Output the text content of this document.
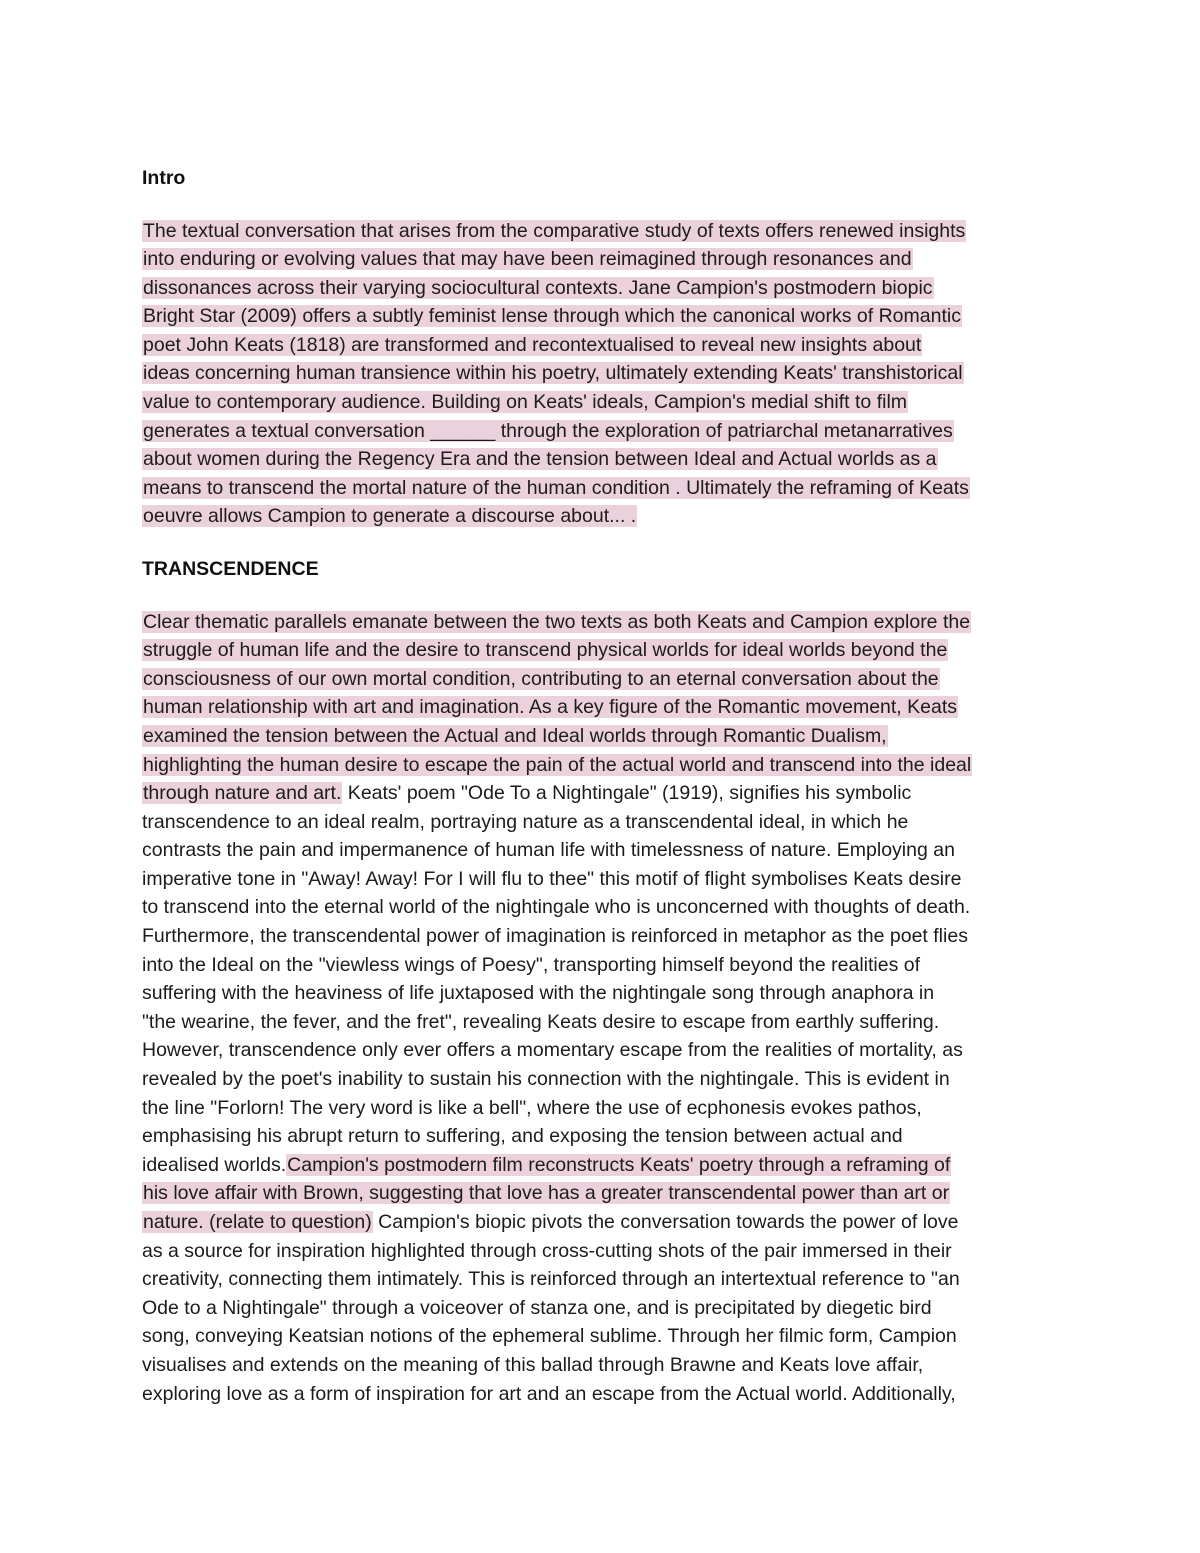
Intro
The textual conversation that arises from the comparative study of texts offers renewed insights
into enduring or evolving values that may have been reimagined through resonances and
dissonances across their varying sociocultural contexts. Jane Campion's postmodern biopic
Bright Star (2009) offers a subtly feminist lense through which the canonical works of Romantic
poet John Keats (1818) are transformed and recontextualised to reveal new insights about
ideas concerning human transience within his poetry, ultimately extending Keats' transhistorical
value to contemporary audience. Building on Keats' ideals, Campion's medial shift to film
generates a textual conversation ______ through the exploration of patriarchal metanarratives
about women during the Regency Era and the tension between Ideal and Actual worlds as a
means to transcend the mortal nature of the human condition . Ultimately the reframing of Keats
oeuvre allows Campion to generate a discourse about... .
TRANSCENDENCE
Clear thematic parallels emanate between the two texts as both Keats and Campion explore the
struggle of human life and the desire to transcend physical worlds for ideal worlds beyond the
consciousness of our own mortal condition, contributing to an eternal conversation about the
human relationship with art and imagination. As a key figure of the Romantic movement, Keats
examined the tension between the Actual and Ideal worlds through Romantic Dualism,
highlighting the human desire to escape the pain of the actual world and transcend into the ideal
through nature and art. Keats' poem "Ode To a Nightingale" (1919), signifies his symbolic
transcendence to an ideal realm, portraying nature as a transcendental ideal, in which he
contrasts the pain and impermanence of human life with timelessness of nature. Employing an
imperative tone in "Away! Away! For I will flu to thee" this motif of flight symbolises Keats desire
to transcend into the eternal world of the nightingale who is unconcerned with thoughts of death.
Furthermore, the transcendental power of imagination is reinforced in metaphor as the poet flies
into the Ideal on the "viewless wings of Poesy", transporting himself beyond the realities of
suffering with the heaviness of life juxtaposed with the nightingale song through anaphora in
"the wearine, the fever, and the fret", revealing Keats desire to escape from earthly suffering.
However, transcendence only ever offers a momentary escape from the realities of mortality, as
revealed by the poet's inability to sustain his connection with the nightingale. This is evident in
the line "Forlorn! The very word is like a bell", where the use of ecphonesis evokes pathos,
emphasising his abrupt return to suffering, and exposing the tension between actual and
idealised worlds.Campion's postmodern film reconstructs Keats' poetry through a reframing of
his love affair with Brown, suggesting that love has a greater transcendental power than art or
nature. (relate to question) Campion's biopic pivots the conversation towards the power of love
as a source for inspiration highlighted through cross-cutting shots of the pair immersed in their
creativity, connecting them intimately. This is reinforced through an intertextual reference to "an
Ode to a Nightingale" through a voiceover of stanza one, and is precipitated by diegetic bird
song, conveying Keatsian notions of the ephemeral sublime. Through her filmic form, Campion
visualises and extends on the meaning of this ballad through Brawne and Keats love affair,
exploring love as a form of inspiration for art and an escape from the Actual world. Additionally,
